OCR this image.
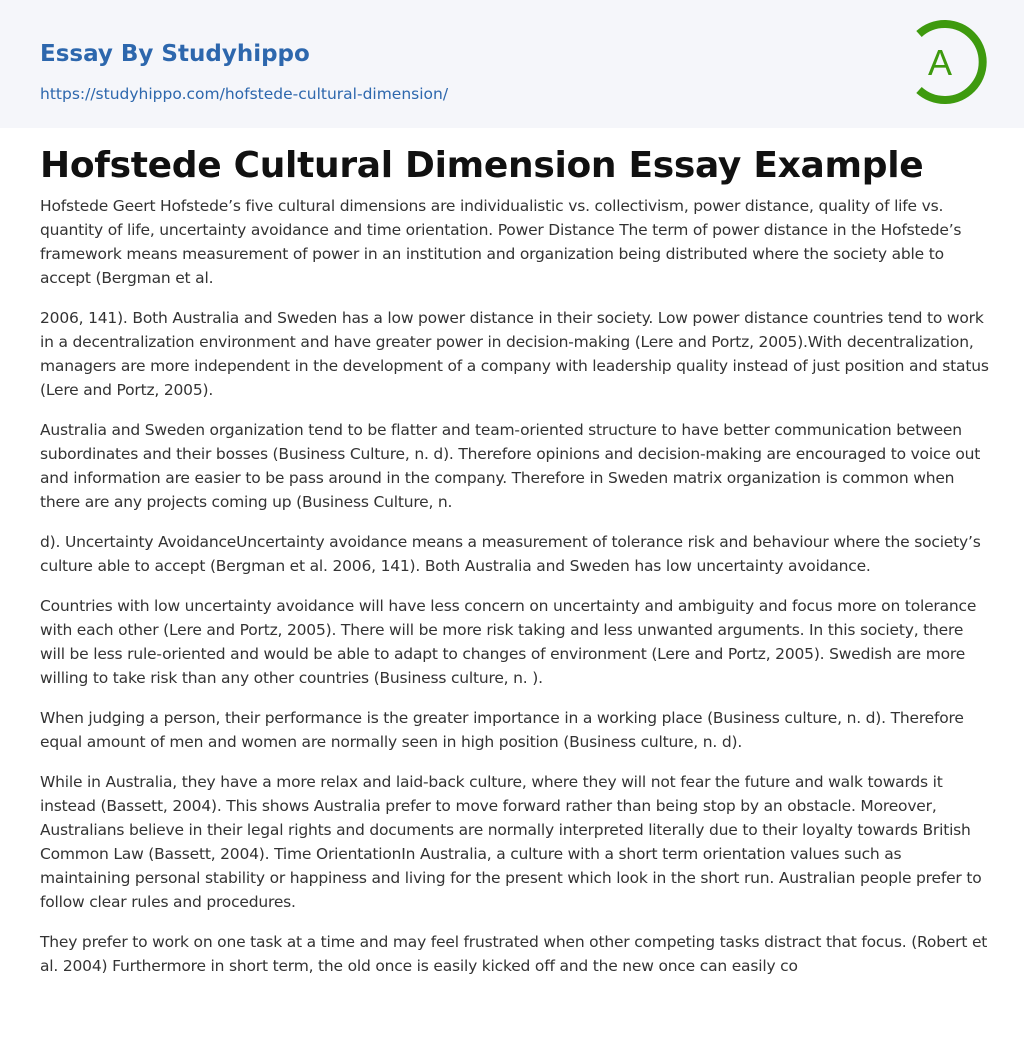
Essay By Studyhippo
https://studyhippo.com/hofstede-cultural-dimension/
A
Hofstede Cultural Dimension Essay Example

Hofstede Geert Hofstede’s five cultural dimensions are individualistic vs. collectivism, power distance, quality of life vs. quantity of life, uncertainty avoidance and time orientation. Power Distance The term of power distance in the Hofstede’s framework means measurement of power in an institution and organization being distributed where the society able to accept (Bergman et al.

2006, 141). Both Australia and Sweden has a low power distance in their society. Low power distance countries tend to work in a decentralization environment and have greater power in decision-making (Lere and Portz, 2005).With decentralization, managers are more independent in the development of a company with leadership quality instead of just position and status (Lere and Portz, 2005).

Australia and Sweden organization tend to be flatter and team-oriented structure to have better communication between subordinates and their bosses (Business Culture, n. d). Therefore opinions and decision-making are encouraged to voice out and information are easier to be pass around in the company. Therefore in Sweden matrix organization is common when there are any projects coming up (Business Culture, n.

d). Uncertainty AvoidanceUncertainty avoidance means a measurement of tolerance risk and behaviour where the society’s culture able to accept (Bergman et al. 2006, 141). Both Australia and Sweden has low uncertainty avoidance.

Countries with low uncertainty avoidance will have less concern on uncertainty and ambiguity and focus more on tolerance with each other (Lere and Portz, 2005). There will be more risk taking and less unwanted arguments. In this society, there will be less rule-oriented and would be able to adapt to changes of environment (Lere and Portz, 2005). Swedish are more willing to take risk than any other countries (Business culture, n. ).

When judging a person, their performance is the greater importance in a working place (Business culture, n. d). Therefore equal amount of men and women are normally seen in high position (Business culture, n. d).

While in Australia, they have a more relax and laid-back culture, where they will not fear the future and walk towards it instead (Bassett, 2004). This shows Australia prefer to move forward rather than being stop by an obstacle. Moreover, Australians believe in their legal rights and documents are normally interpreted literally due to their loyalty towards British Common Law (Bassett, 2004). Time OrientationIn Australia, a culture with a short term orientation values such as maintaining personal stability or happiness and living for the present which look in the short run. Australian people prefer to follow clear rules and procedures.

They prefer to work on one task at a time and may feel frustrated when other competing tasks distract that focus. (Robert et al. 2004) Furthermore in short term, the old once is easily kicked off and the new once can easily co
